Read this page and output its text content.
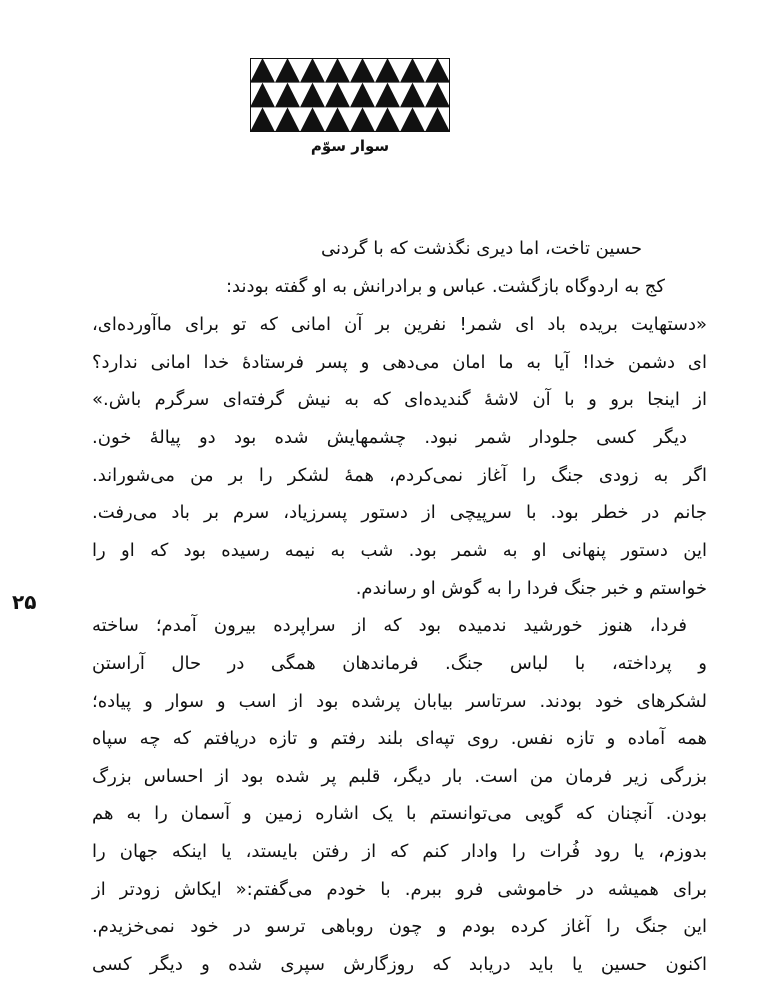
سوار سوّم
۲۵
حسین تاخت، اما دیری نگذشت که با گردنی
کج به اردوگاه بازگشت. عباس و برادرانش به او گفته بودند:
«دستهایت بریده باد ای شمر! نفرین بر آن امانی که تو برای ماآورده‌ای،
ای دشمن خدا! آیا به ما امان می‌دهی و پسر فرستادهٔ خدا امانی ندارد؟
از اینجا برو و با آن لاشهٔ گندیده‌ای که به نیش گرفته‌ای سرگرم باش.»
دیگر کسی جلودار شمر نبود. چشمهایش شده بود دو پیالهٔ خون.
اگر به زودی جنگ را آغاز نمی‌کردم، همهٔ لشکر را بر من می‌شوراند.
جانم در خطر بود. با سرپیچی از دستور پسرزیاد، سرم بر باد می‌رفت.
این دستور پنهانی او به شمر بود. شب به نیمه رسیده بود که او را
خواستم و خبر جنگ فردا را به گوش او رساندم.
فردا، هنوز خورشید ندمیده بود که از سراپرده بیرون آمدم؛ ساخته
و پرداخته، با لباس جنگ. فرماندهان همگی در حال آراستن
لشکرهای خود بودند. سرتاسر بیابان پرشده بود از اسب و سوار و پیاده؛
همه آماده و تازه نفس. روی تپه‌ای بلند رفتم و تازه دریافتم که چه سپاه
بزرگی زیر فرمان من است. بار دیگر، قلبم پر شده بود از احساس بزرگ
بودن. آنچنان که گویی می‌توانستم با یک اشاره زمین و آسمان را به هم
بدوزم، یا رود فُرات را وادار کنم که از رفتن بایستد، یا اینکه جهان را
برای همیشه در خاموشی فرو ببرم. با خودم می‌گفتم:« ایکاش زودتر از
این جنگ را آغاز کرده بودم و چون روباهی ترسو در خود نمی‌خزیدم.
اکنون حسین یا باید دریابد که روزگارش سپری شده و دیگر کسی
